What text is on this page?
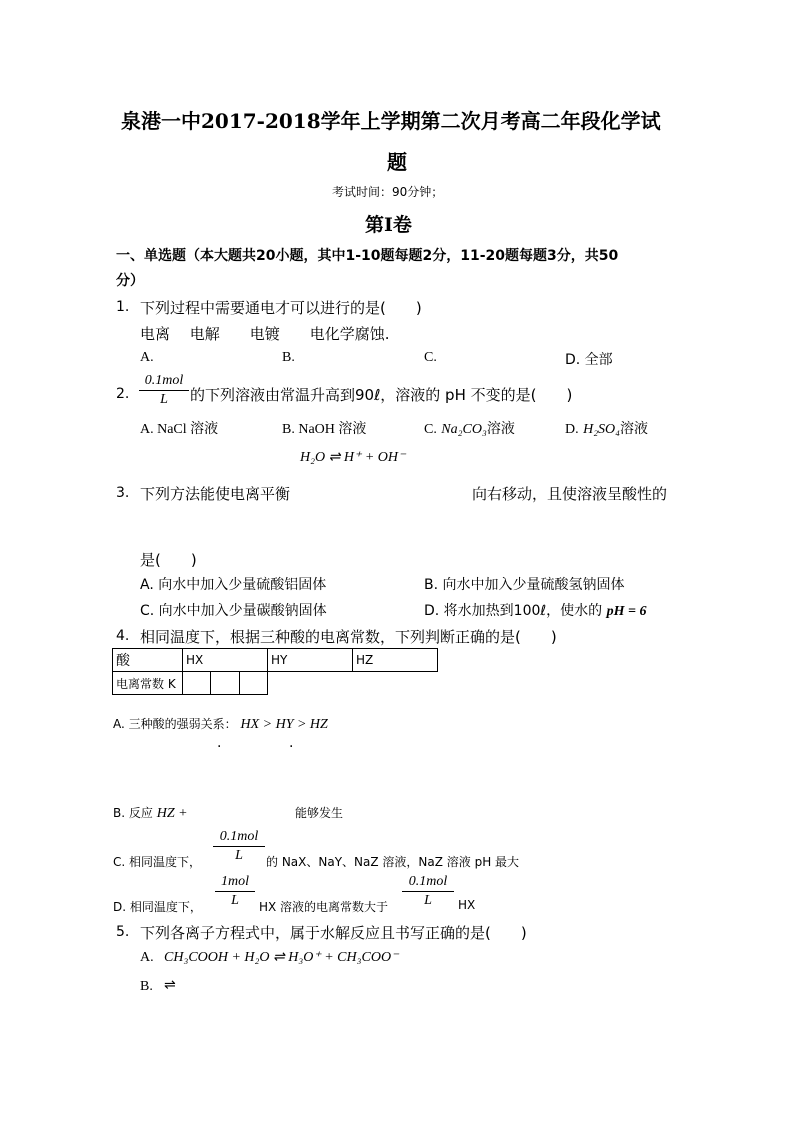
泉港一中2017-2018学年上学期第二次月考高二年段化学试
题
考试时间：90分钟；
第Ⅰ卷
一、单选题（本大题共20小题，其中1-10题每题2分，11-20题每题3分，共50
分）
1. 下列过程中需要通电才可以进行的是(　　)
电离　 电解　　电镀　　电化学腐蚀.
A.	B.	C.	D. 全部
2.
0.1mol
L	的下列溶液由常温升高到90ℓ，溶液的 pH 不变的是(　　)
A. NaCl 溶液	B. NaOH 溶液	C. Na₂CO₃溶液	D. H₂SO₄溶液
H₂O ⇌ H⁺ + OH⁻
3. 下列方法能使电离平衡	向右移动，且使溶液呈酸性的
是(　　)
A. 向水中加入少量硫酸铝固体	B. 向水中加入少量硫酸氢钠固体
C. 向水中加入少量碳酸钠固体	D. 将水加热到100ℓ，使水的 pH = 6
4. 相同温度下，根据三种酸的电离常数，下列判断正确的是(　　)
酸	HX			HY	HZ
电离常数 K					
A. 三种酸的强弱关系： HX > HY > HZ
.	.
B. 反应 HZ +	能够发生
C. 相同温度下，
0.1mol
L	的 NaX、NaY、NaZ 溶液，NaZ 溶液 pH 最大
D. 相同温度下，
1mol
L	HX 溶液的电离常数大于
0.1mol
L	HX
5. 下列各离子方程式中，属于水解反应且书写正确的是(　　)
A. CH₃COOH + H₂O ⇌ H₃O⁺ + CH₃COO⁻
B. ⇌
